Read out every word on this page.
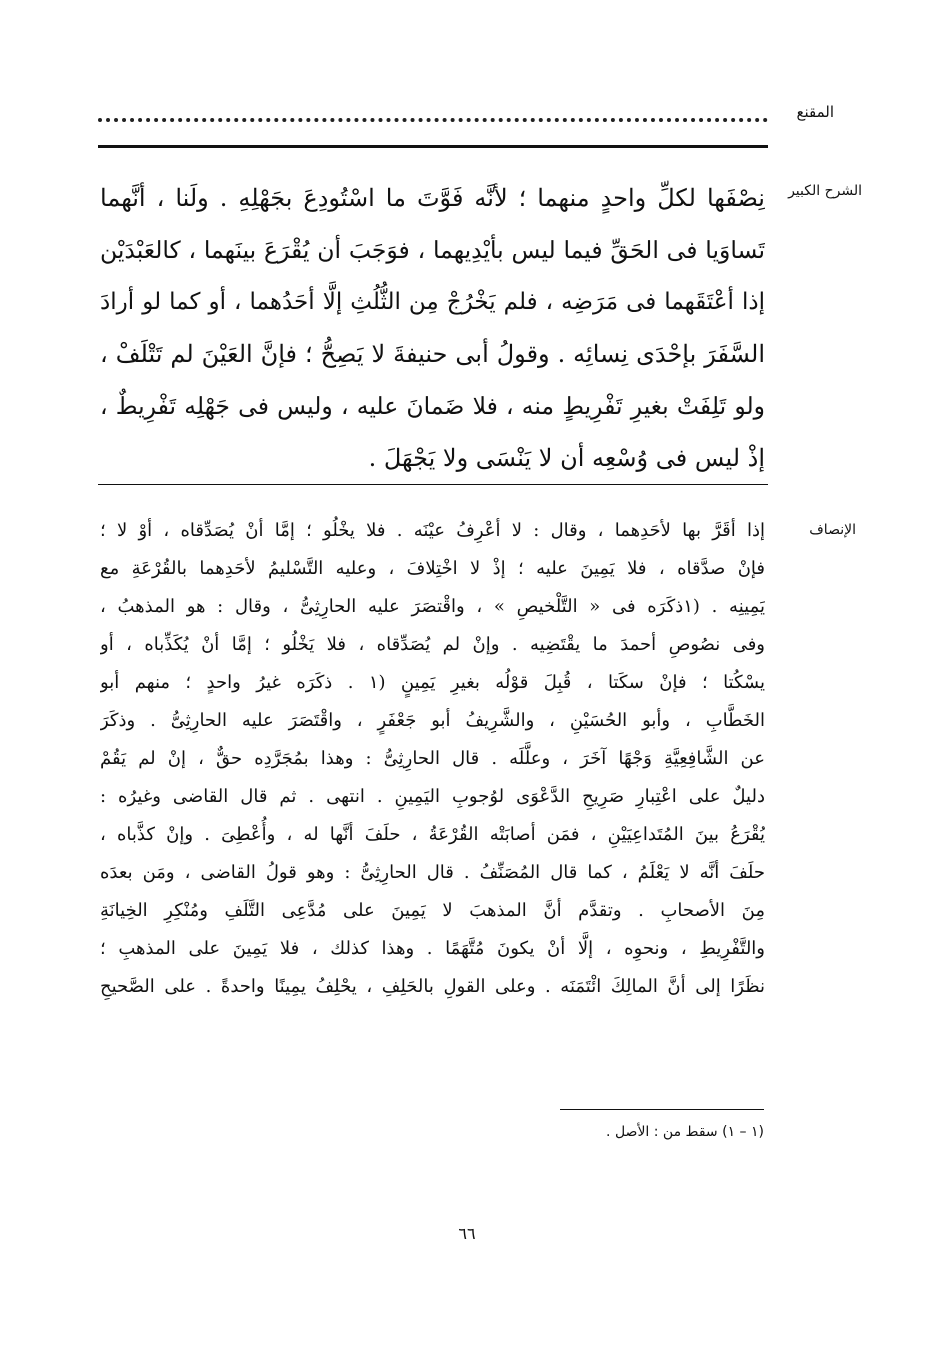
المقنع
الشرح الكبير
نِصْفَها لكلِّ واحدٍ منهما ؛ لأنَّه فَوَّتَ ما اسْتُودِعَ بجَهْلِهِ . ولَنا ، أنَّهما
تَساوَيا فى الحَقِّ فيما ليس بأيْدِيهما ، فوَجَبَ أن يُقْرَعَ بينَهما ، كالعَبْدَيْن
إذا أعْتَقَهما فى مَرَضِه ، فلم يَخْرُجْ مِن الثُّلُثِ إلَّا أحَدُهما ، أو كما لو أرادَ
السَّفَرَ بإحْدَى نِسائِه . وقولُ أبى حنيفةَ لا يَصِحُّ ؛ فإنَّ العَيْنَ لم تَتْلَفْ ،
ولو تَلِفَتْ بغيرِ تَفْرِيطٍ منه ، فلا ضَمانَ عليه ، وليس فى جَهْلِه تَفْرِيطٌ ،
إذْ ليس فى وُسْعِه أن لا يَنْسَى ولا يَجْهَلَ .
الإنصاف
إذا أقَرَّ بها لأحَدِهما ، وقال : لا أعْرِفُ عيْنَه . فلا يخْلُو ؛ إمَّا أنْ يُصَدِّقاه ، أوْ لا ؛
فإنْ صدَّقاه ، فلا يَمِينَ عليه ؛ إذْ لا اخْتِلافَ ، وعليه التَّسْليمُ لأحَدِهما بالقُرْعَةِ مع
يَمِينِه . (١ذكَرَه فى « التَّلْخيصِ » ، واقْتصَرَ عليه الحارِثِىُّ ، وقال : هو المذهبُ ،
وفى نصُوصِ أحمدَ ما يقْتَضِيه . وإنْ لم يُصَدِّقاه ، فلا يَخْلُو ؛ إمَّا أنْ يُكَذِّباه ، أو
يسْكُتا ؛ فإنْ سكَتا ، قُبِلَ قوْلُه بغيرِ يَمِينٍ (١ . ذكَرَه غيرُ واحدٍ ؛ منهم أبو
الخَطَّابِ ، وأبو الحُسَيْنِ ، والشَّرِيفُ أبو جَعْفَرٍ ، واقْتَصَرَ عليه الحارِثِىُّ . وذكَرَ
عن الشَّافِعِيَّةِ وَجْهًا آخَرَ ، وعلَّلَه . قال الحارِثِىُّ : وهذا بمُجَرَّدِه حقٌّ ، إنْ لم يَقُمْ
دليلٌ على اعْتِبارِ صَرِيحِ الدَّعْوَى لوُجوبِ اليَمِينِ . انتهى . ثم قال القاضى وغيرُه :
يُقْرَعُ بينَ المُتَداعِيَيْنِ ، فمَن أصابَتْه القُرْعَةُ ، حلَفَ أنَّها له ، وأُعْطِىَ . وإنْ كذَّباه ،
حلَفَ أنَّه لا يَعْلَمُ ، كما قال المُصَنِّفُ . قال الحارِثِىُّ : وهو قولُ القاضى ، ومَن بعدَه
مِنَ الأصحابِ . وتقدَّم أنَّ المذهبَ لا يَمِينَ على مُدَّعِى التَّلَفِ ومُنْكِرِ الخِيانَةِ
والتَّفْرِيطِ ، ونحوِه ، إلَّا أنْ يكونَ مُتَّهَمًا . وهذا كذلك ، فلا يَمِينَ على المذهبِ ؛
نظَرًا إلى أنَّ المالِكَ ائْتَمَنَه . وعلى القولِ بالحَلِفِ ، يحْلِفُ يمِينًا واحدةً . على الصَّحيحِ
(١ – ١) سقط من : الأصل .
٦٦
